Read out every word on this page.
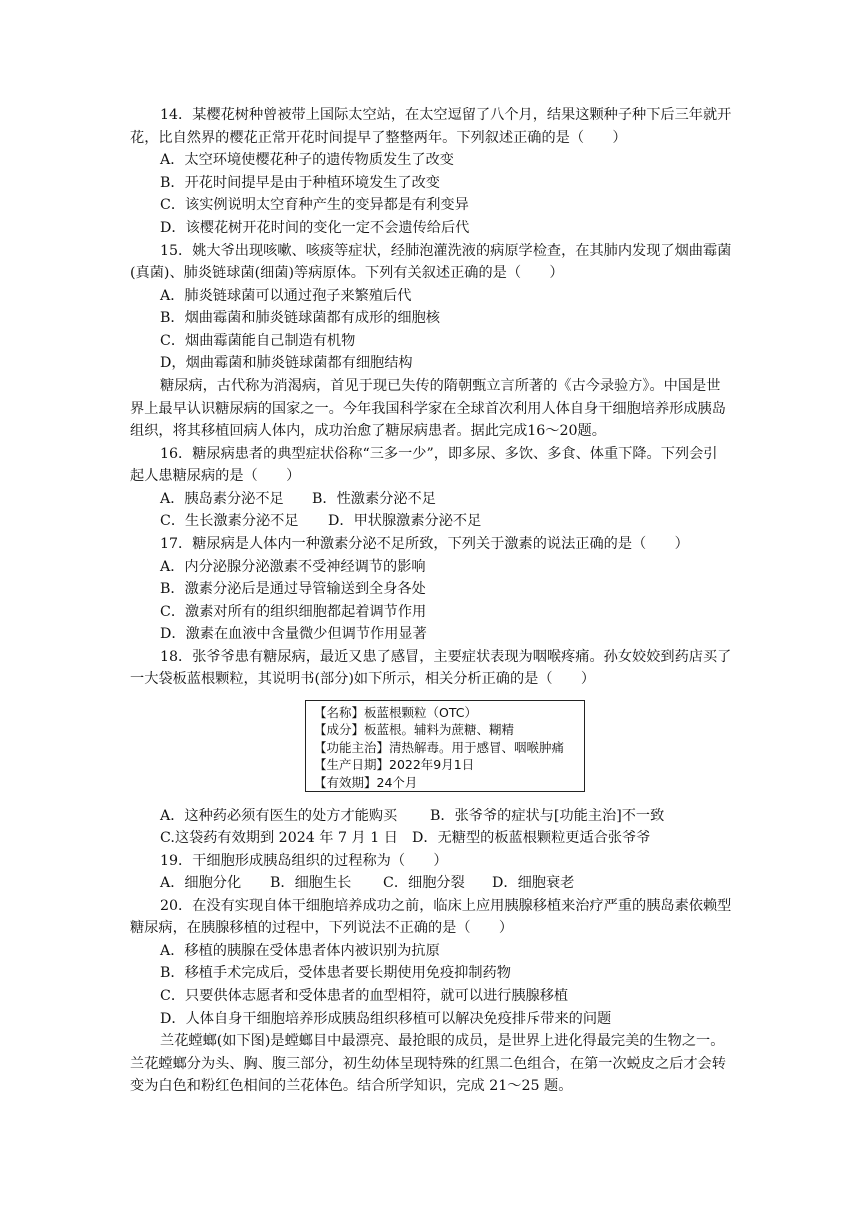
14．某樱花树种曾被带上国际太空站，在太空逗留了八个月，结果这颗种子种下后三年就开
花，比自然界的樱花正常开花时间提早了整整两年。下列叙述正确的是（　　）
A．太空环境使樱花种子的遗传物质发生了改变
B．开花时间提早是由于种植环境发生了改变
C．该实例说明太空育种产生的变异都是有利变异
D．该樱花树开花时间的变化一定不会遗传给后代
15．姚大爷出现咳嗽、咳痰等症状，经肺泡灌洗液的病原学检查，在其肺内发现了烟曲霉菌
(真菌)、肺炎链球菌(细菌)等病原体。下列有关叙述正确的是（　　）
A．肺炎链球菌可以通过孢子来繁殖后代
B．烟曲霉菌和肺炎链球菌都有成形的细胞核
C．烟曲霉菌能自己制造有机物
D，烟曲霉菌和肺炎链球菌都有细胞结构
糖尿病，古代称为消渴病，首见于现已失传的隋朝甄立言所著的《古今录验方》。中国是世
界上最早认识糖尿病的国家之一。今年我国科学家在全球首次利用人体自身干细胞培养形成胰岛
组织，将其移植回病人体内，成功治愈了糖尿病患者。据此完成16～20题。
16．糖尿病患者的典型症状俗称“三多一少”，即多尿、多饮、多食、体重下降。下列会引
起人患糖尿病的是（　　）
A．胰岛素分泌不足 B．性激素分泌不足
C．生长激素分泌不足 D．甲状腺激素分泌不足
17．糖尿病是人体内一种激素分泌不足所致，下列关于激素的说法正确的是（　　）
A．内分泌腺分泌激素不受神经调节的影响
B．激素分泌后是通过导管输送到全身各处
C．激素对所有的组织细胞都起着调节作用
D．激素在血液中含量微少但调节作用显著
18．张爷爷患有糖尿病，最近又患了感冒，主要症状表现为咽喉疼痛。孙女姣姣到药店买了
一大袋板蓝根颗粒，其说明书(部分)如下所示，相关分析正确的是（　　）
【名称】板蓝根颗粒（OTC）
【成分】板蓝根。辅料为蔗糖、糊精
【功能主治】清热解毒。用于感冒、咽喉肿痛
【生产日期】2022年9月1日
【有效期】24个月
A．这种药必须有医生的处方才能购买 B．张爷爷的症状与[功能主治]不一致
C.这袋药有效期到 2024 年 7 月 1 日 D．无糖型的板蓝根颗粒更适合张爷爷
19．干细胞形成胰岛组织的过程称为（　　）
A．细胞分化 B．细胞生长 C．细胞分裂 D．细胞衰老
20．在没有实现自体干细胞培养成功之前，临床上应用胰腺移植来治疗严重的胰岛素依赖型
糖尿病，在胰腺移植的过程中，下列说法不正确的是（　　）
A．移植的胰腺在受体患者体内被识别为抗原
B．移植手术完成后，受体患者要长期使用免疫抑制药物
C．只要供体志愿者和受体患者的血型相符，就可以进行胰腺移植
D．人体自身干细胞培养形成胰岛组织移植可以解决免疫排斥带来的问题
兰花螳螂(如下图)是螳螂目中最漂亮、最抢眼的成员，是世界上进化得最完美的生物之一。
兰花螳螂分为头、胸、腹三部分，初生幼体呈现特殊的红黑二色组合，在第一次蜕皮之后才会转
变为白色和粉红色相间的兰花体色。结合所学知识，完成 21～25 题。
